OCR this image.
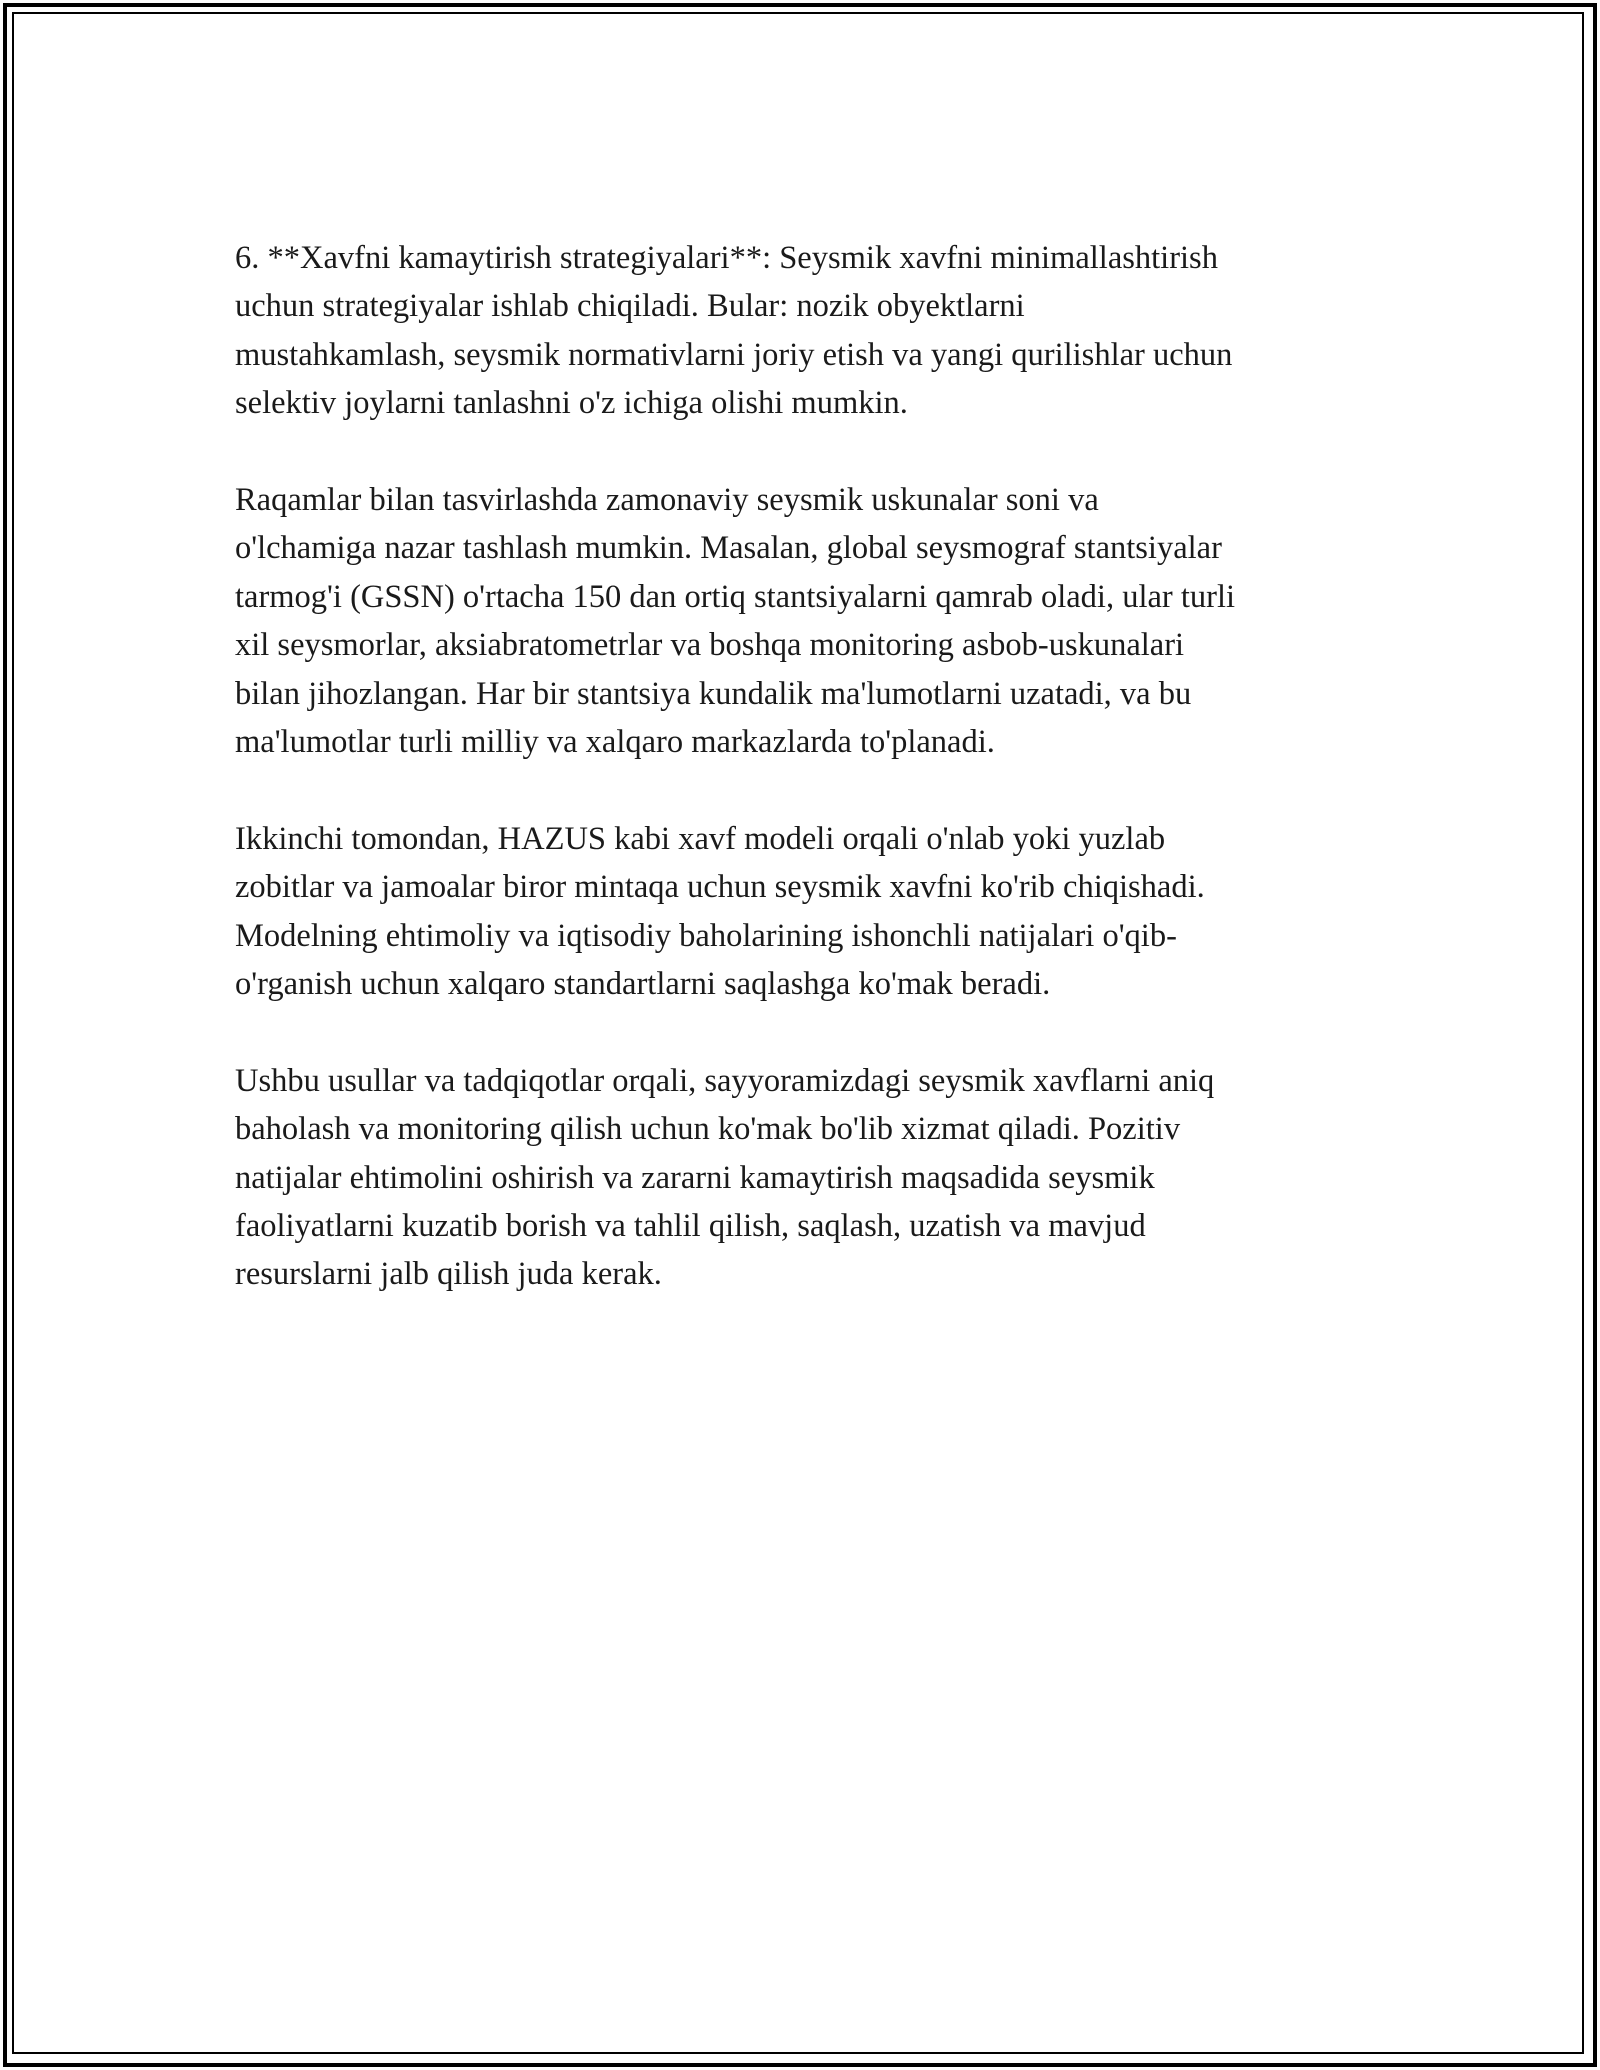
6. **Xavfni kamaytirish strategiyalari**: Seysmik xavfni minimallashtirish
uchun strategiyalar ishlab chiqiladi. Bular: nozik obyektlarni
mustahkamlash, seysmik normativlarni joriy etish va yangi qurilishlar uchun
selektiv joylarni tanlashni o'z ichiga olishi mumkin.

Raqamlar bilan tasvirlashda zamonaviy seysmik uskunalar soni va
o'lchamiga nazar tashlash mumkin. Masalan, global seysmograf stantsiyalar
tarmog'i (GSSN) o'rtacha 150 dan ortiq stantsiyalarni qamrab oladi, ular turli
xil seysmorlar, aksiabratometrlar va boshqa monitoring asbob-uskunalari
bilan jihozlangan. Har bir stantsiya kundalik ma'lumotlarni uzatadi, va bu
ma'lumotlar turli milliy va xalqaro markazlarda to'planadi.

Ikkinchi tomondan, HAZUS kabi xavf modeli orqali o'nlab yoki yuzlab
zobitlar va jamoalar biror mintaqa uchun seysmik xavfni ko'rib chiqishadi.
Modelning ehtimoliy va iqtisodiy baholarining ishonchli natijalari o'qib-
o'rganish uchun xalqaro standartlarni saqlashga ko'mak beradi.

Ushbu usullar va tadqiqotlar orqali, sayyoramizdagi seysmik xavflarni aniq
baholash va monitoring qilish uchun ko'mak bo'lib xizmat qiladi. Pozitiv
natijalar ehtimolini oshirish va zararni kamaytirish maqsadida seysmik
faoliyatlarni kuzatib borish va tahlil qilish, saqlash, uzatish va mavjud
resurslarni jalb qilish juda kerak.
